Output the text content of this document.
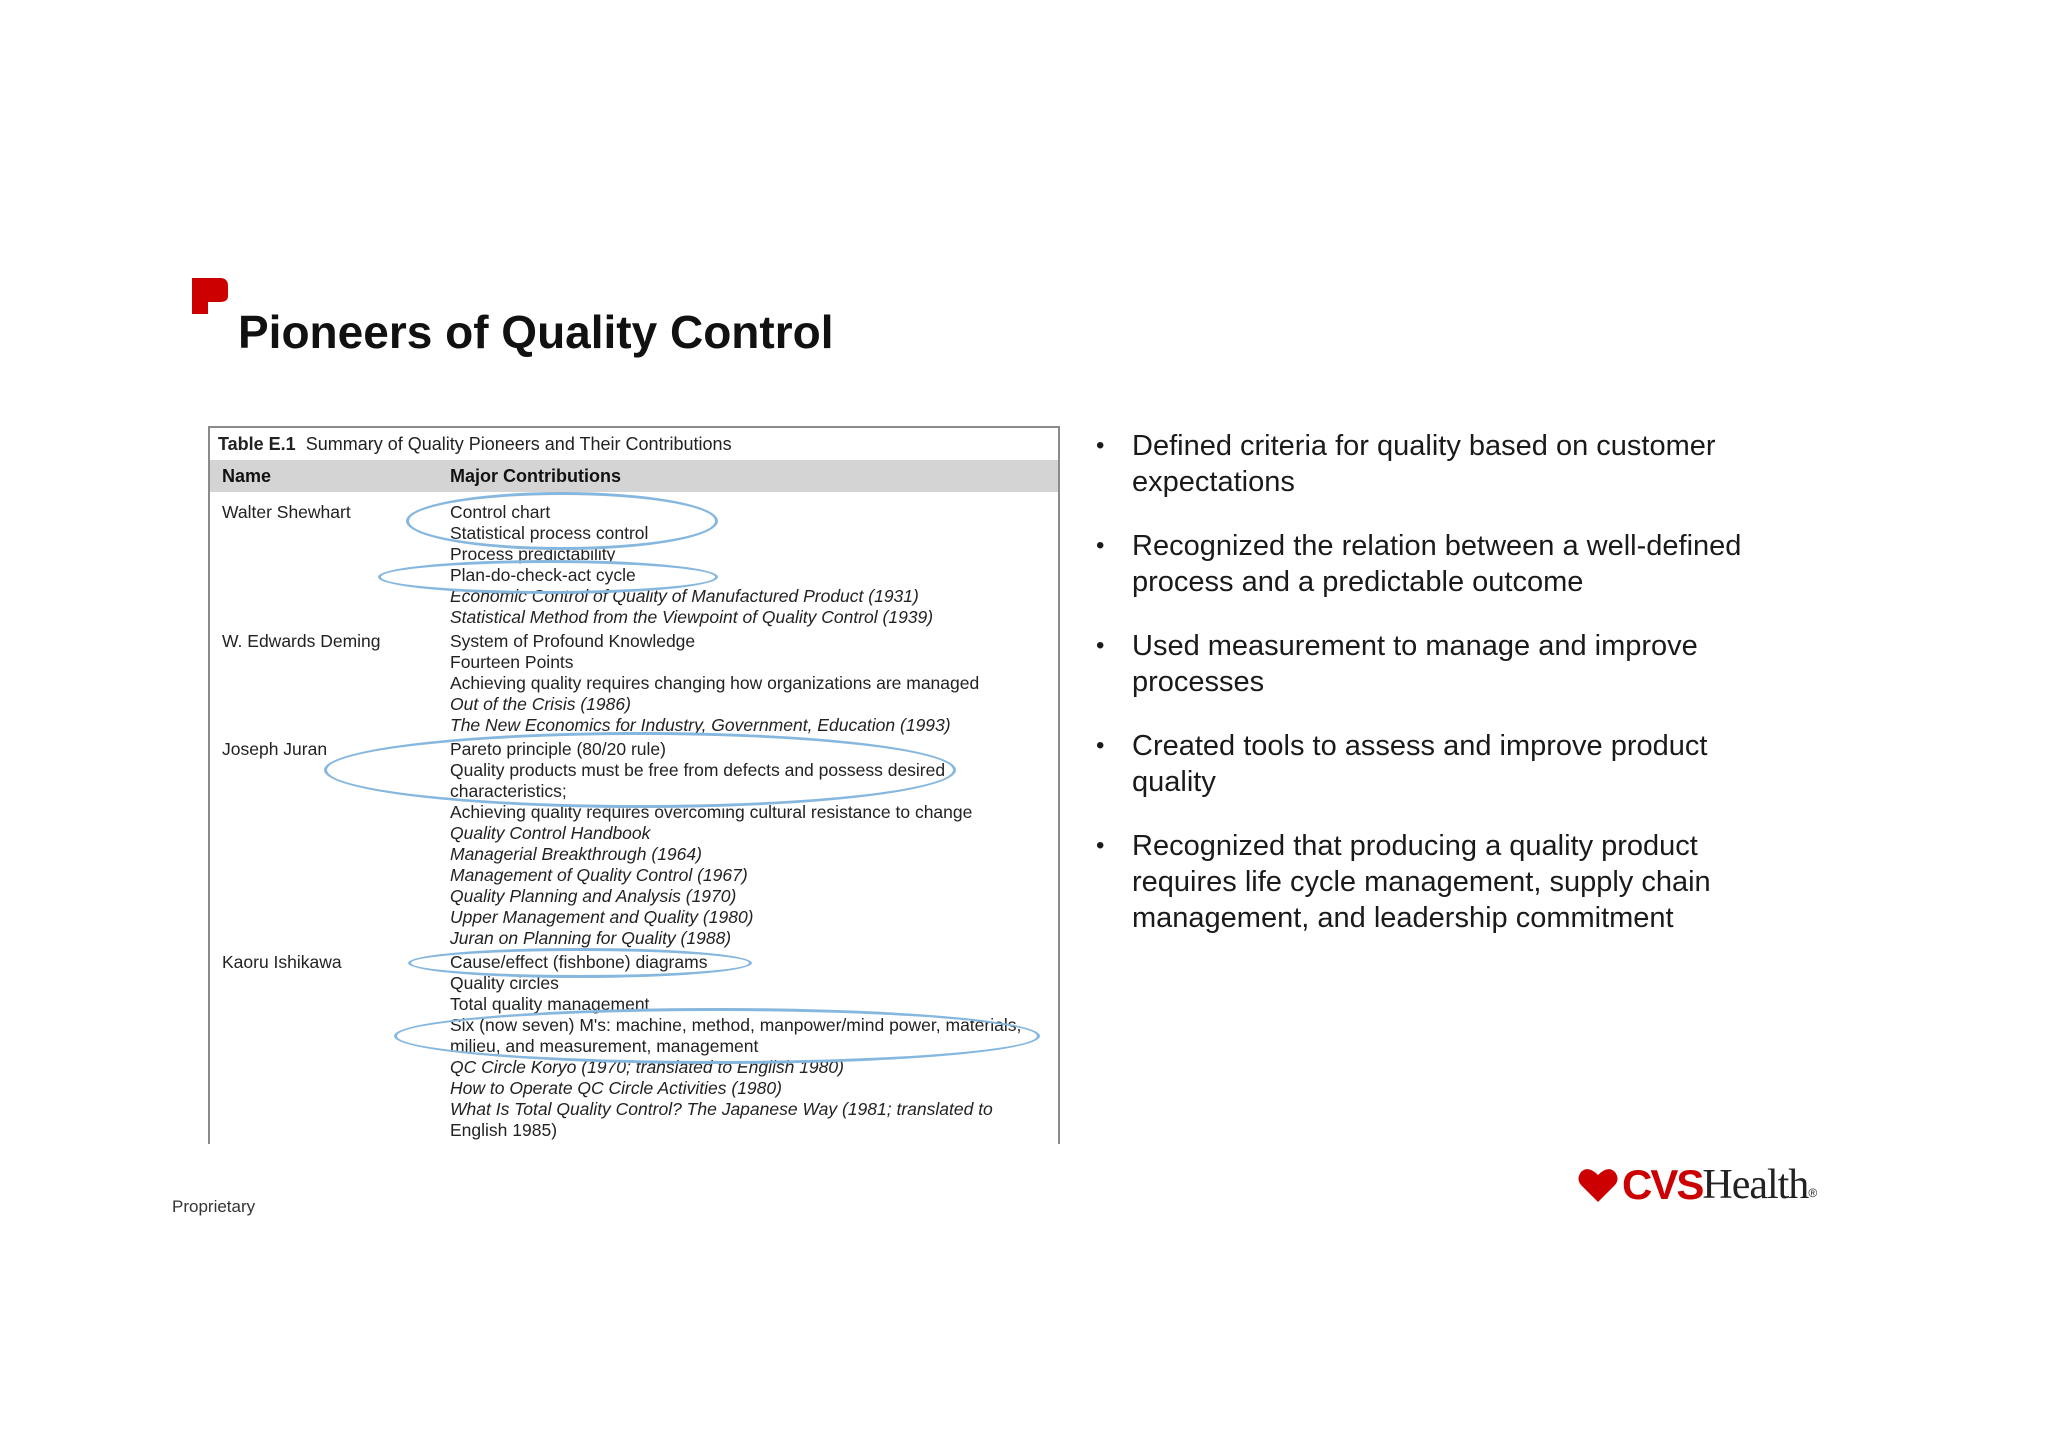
Pioneers of Quality Control
Table E.1 Summary of Quality Pioneers and Their Contributions
Name	Major Contributions
Walter Shewhart	Control chart
Statistical process control
Process predictability
Plan-do-check-act cycle
Economic Control of Quality of Manufactured Product (1931)
Statistical Method from the Viewpoint of Quality Control (1939)
W. Edwards Deming	System of Profound Knowledge
Fourteen Points
Achieving quality requires changing how organizations are managed
Out of the Crisis (1986)
The New Economics for Industry, Government, Education (1993)
Joseph Juran	Pareto principle (80/20 rule)
Quality products must be free from defects and possess desired
characteristics;
Achieving quality requires overcoming cultural resistance to change
Quality Control Handbook
Managerial Breakthrough (1964)
Management of Quality Control (1967)
Quality Planning and Analysis (1970)
Upper Management and Quality (1980)
Juran on Planning for Quality (1988)
Kaoru Ishikawa	Cause/effect (fishbone) diagrams
Quality circles
Total quality management
Six (now seven) M's: machine, method, manpower/mind power, materials,
milieu, and measurement, management
QC Circle Koryo (1970; translated to English 1980)
How to Operate QC Circle Activities (1980)
What Is Total Quality Control? The Japanese Way (1981; translated to
English 1985)
• Defined criteria for quality based on customer expectations
• Recognized the relation between a well-defined process and a predictable outcome
• Used measurement to manage and improve processes
• Created tools to assess and improve product quality
• Recognized that producing a quality product requires life cycle management, supply chain management, and leadership commitment
Proprietary	CVS Health ®
